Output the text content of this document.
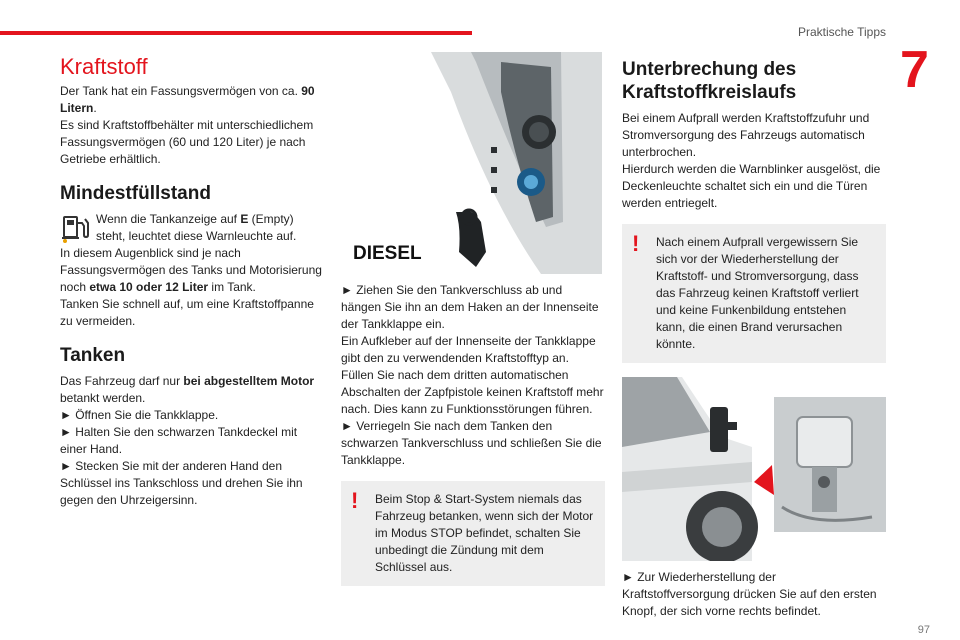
Praktische Tipps
7
97
Kraftstoff

Der Tank hat ein Fassungsvermögen von ca. 90 Litern.

Es sind Kraftstoffbehälter mit unterschiedlichem Fassungsvermögen (60 und 120 Liter) je nach Getriebe erhältlich.

Mindestfüllstand

Wenn die Tankanzeige auf E (Empty) steht, leuchtet diese Warnleuchte auf.

In diesem Augenblick sind je nach Fassungsvermögen des Tanks und Motorisierung noch etwa 10 oder 12 Liter im Tank.

Tanken Sie schnell auf, um eine Kraftstoffpanne zu vermeiden.

Tanken

Das Fahrzeug darf nur bei abgestelltem Motor betankt werden.

► Öffnen Sie die Tankklappe.

► Halten Sie den schwarzen Tankdeckel mit einer Hand.

► Stecken Sie mit der anderen Hand den Schlüssel ins Tankschloss und drehen Sie ihn gegen den Uhrzeigersinn.

DIESEL

► Ziehen Sie den Tankverschluss ab und hängen Sie ihn an dem Haken an der Innenseite der Tankklappe ein.

Ein Aufkleber auf der Innenseite der Tankklappe gibt den zu verwendenden Kraftstofftyp an.

Füllen Sie nach dem dritten automatischen Abschalten der Zapfpistole keinen Kraftstoff mehr nach. Dies kann zu Funktionsstörungen führen.

► Verriegeln Sie nach dem Tanken den schwarzen Tankverschluss und schließen Sie die Tankklappe.

!	Beim Stop & Start-System niemals das Fahrzeug betanken, wenn sich der Motor im Modus STOP befindet, schalten Sie unbedingt die Zündung mit dem Schlüssel aus.

Unterbrechung des Kraftstoffkreislaufs

Bei einem Aufprall werden Kraftstoffzufuhr und Stromversorgung des Fahrzeugs automatisch unterbrochen.

Hierdurch werden die Warnblinker ausgelöst, die Deckenleuchte schaltet sich ein und die Türen werden entriegelt.

!	Nach einem Aufprall vergewissern Sie sich vor der Wiederherstellung der Kraftstoff- und Stromversorgung, dass das Fahrzeug keinen Kraftstoff verliert und keine Funkenbildung entstehen kann, die einen Brand verursachen könnte.

► Zur Wiederherstellung der Kraftstoffversorgung drücken Sie auf den ersten Knopf, der sich vorne rechts befindet.
